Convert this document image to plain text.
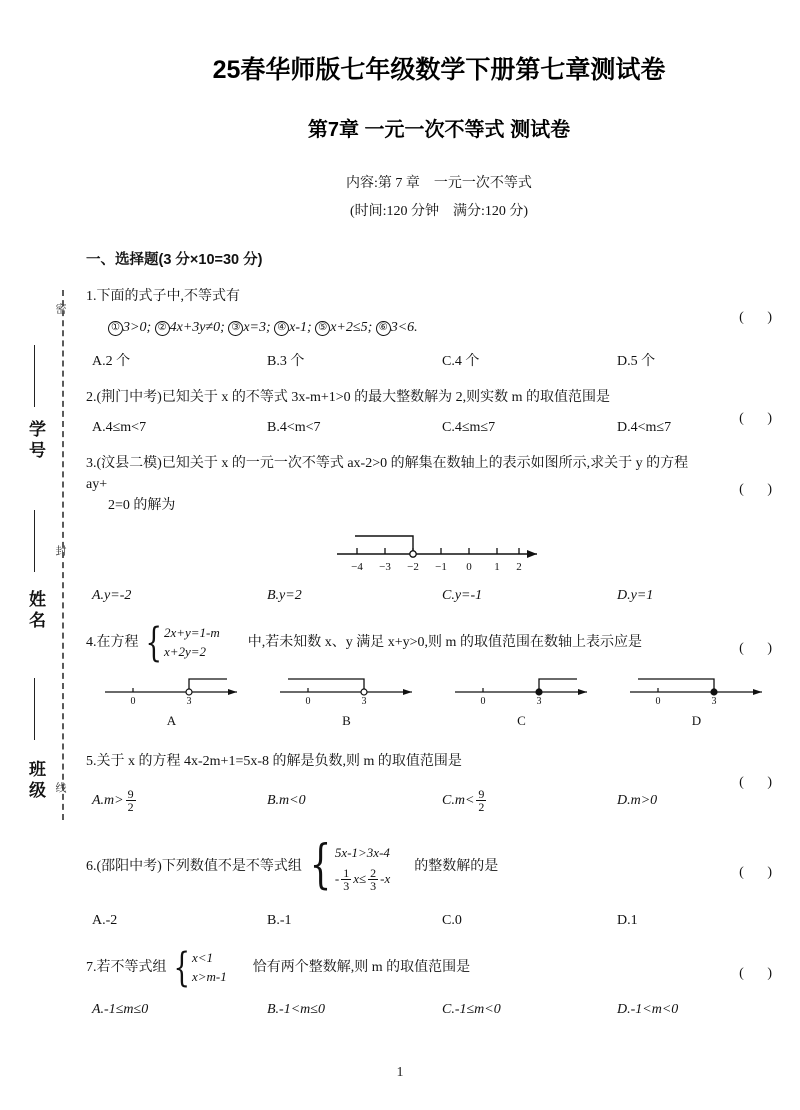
密
封
线
学号
姓名
班级
25春华师版七年级数学下册第七章测试卷
第7章 一元一次不等式 测试卷
内容:第 7 章　一元一次不等式
(时间:120 分钟　满分:120 分)
一、选择题(3 分×10=30 分)
1.下面的式子中,不等式有
( )
① 3>0; ② 4x+3y≠0; ③ x=3; ④ x-1; ⑤ x+2≤5; ⑥ 3<6.
A.2 个	B.3 个	C.4 个	D.5 个
2.(荆门中考)已知关于 x 的不等式 3x-m+1>0 的最大整数解为 2,则实数 m 的取值范围是
( )
A.4≤m<7	B.4<m<7	C.4≤m≤7	D.4<m≤7
3.(汶县二模)已知关于 x 的一元一次不等式 ax-2>0 的解集在数轴上的表示如图所示,求关于 y 的方程ay+
2=0 的解为
( )
−4 −3 −2 −1 0 1 2
A.y=-2	B.y=2	C.y=-1	D.y=1
4. 在方程 { 2x+y=1-m
x+2y=2
中,若未知数 x、y 满足 x+y>0,则 m 的取值范围在数轴上表示应是	( )
0	3
A
0	3
B
0	3
C
0	3
D
5.关于 x 的方程 4x-2m+1=5x-8 的解是负数,则 m 的取值范围是
( )
$A.m> \frac{9}{2}$	B.m<0	$C.m< \frac{9}{2}$	D.m>0
6. (邵阳中考)下列数值不是不等式组 { 5x-1>3x-4
- $\frac{1}{3} x\le \frac{2}{3} -x$
的整数解的是	( )
A.-2	B.-1	C.0	D.1
7. 若不等式组 { x<1
x>m-1
恰有两个整数解,则 m 的取值范围是	( )
A.-1≤m≤0	B.-1<m≤0	C.-1≤m<0	D.-1<m<0
1
